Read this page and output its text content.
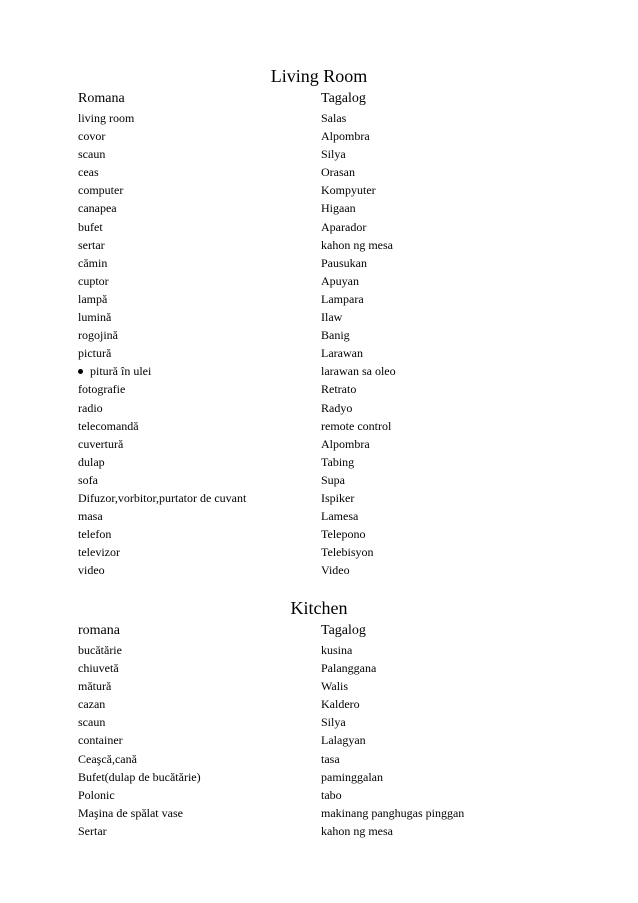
Living Room
Romana	Tagalog
living room	Salas
covor	Alpombra
scaun	Silya
ceas	Orasan
computer	Kompyuter
canapea	Higaan
bufet	Aparador
sertar	kahon ng mesa
cămin	Pausukan
cuptor	Apuyan
lampă	Lampara
lumină	Ilaw
rogojină	Banig
pictură	Larawan
pitură în ulei	larawan sa oleo
fotografie	Retrato
radio	Radyo
telecomandă	remote control
cuvertură	Alpombra
dulap	Tabing
sofa	Supa
Difuzor,vorbitor,purtator de cuvant	Ispiker
masa	Lamesa
telefon	Telepono
televizor	Telebisyon
video	Video
Kitchen
romana	Tagalog
bucătărie	kusina
chiuvetă	Palanggana
mătură	Walis
cazan	Kaldero
scaun	Silya
container	Lalagyan
Ceaşcă,cană	tasa
Bufet(dulap de bucătărie)	paminggalan
Polonic	tabo
Maşina de spălat vase	makinang panghugas pinggan
Sertar	kahon ng mesa
